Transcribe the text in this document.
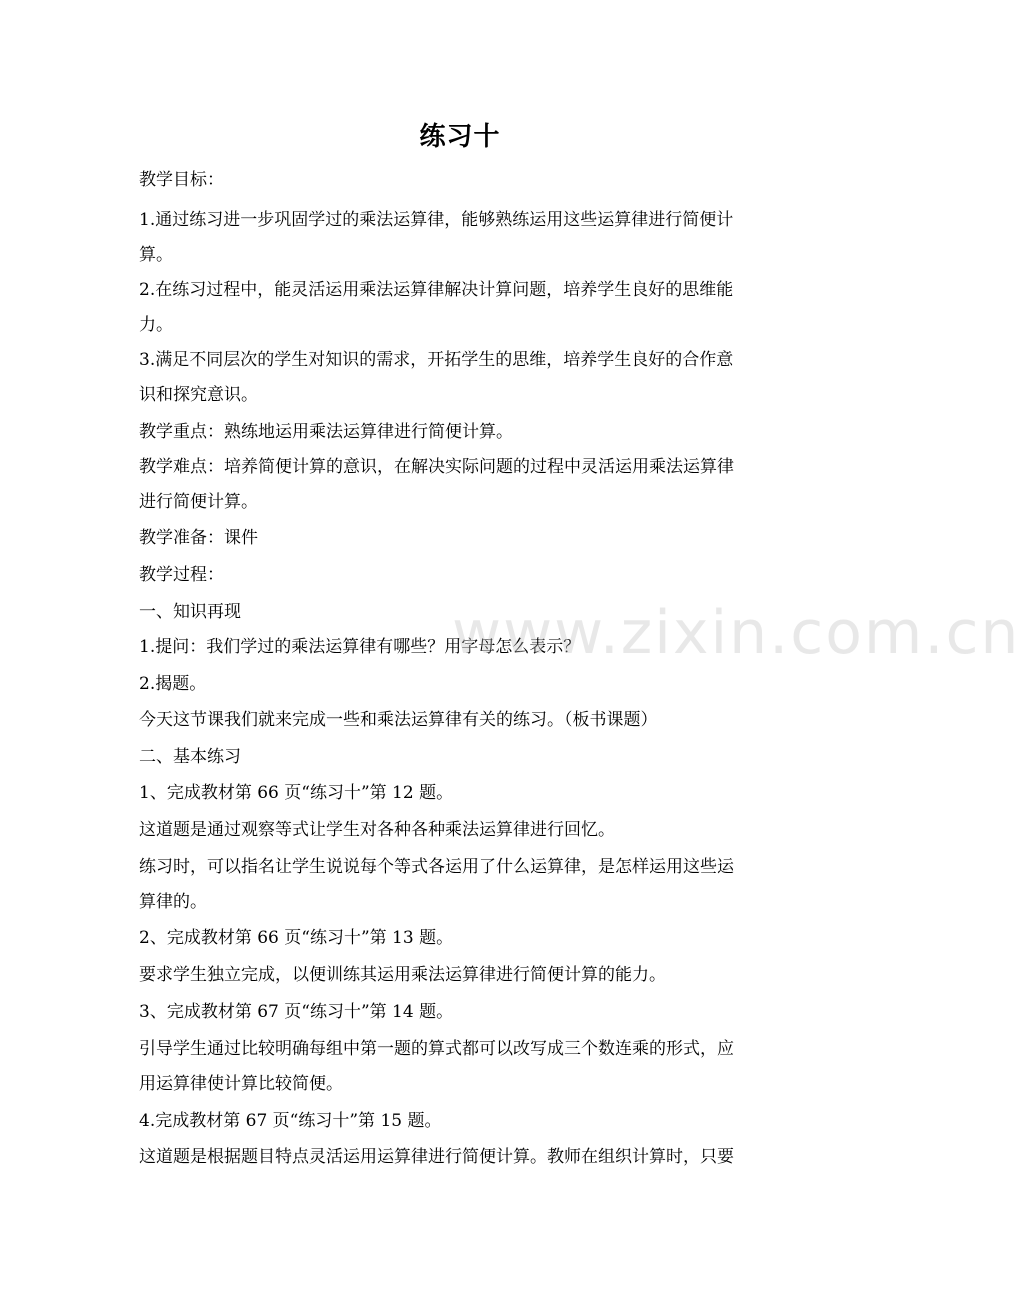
练习十
教学目标：
1.通过练习进一步巩固学过的乘法运算律，能够熟练运用这些运算律进行简便计
算。
2.在练习过程中，能灵活运用乘法运算律解决计算问题，培养学生良好的思维能
力。
3.满足不同层次的学生对知识的需求，开拓学生的思维，培养学生良好的合作意
识和探究意识。
教学重点：熟练地运用乘法运算律进行简便计算。
教学难点：培养简便计算的意识，在解决实际问题的过程中灵活运用乘法运算律
进行简便计算。
教学准备：课件
教学过程：
一、知识再现
1.提问：我们学过的乘法运算律有哪些？用字母怎么表示？
2.揭题。
今天这节课我们就来完成一些和乘法运算律有关的练习。（板书课题）
二、基本练习
1、完成教材第 66 页“练习十”第 12 题。
这道题是通过观察等式让学生对各种各种乘法运算律进行回忆。
练习时，可以指名让学生说说每个等式各运用了什么运算律，是怎样运用这些运
算律的。
2、完成教材第 66 页“练习十”第 13 题。
要求学生独立完成，以便训练其运用乘法运算律进行简便计算的能力。
3、完成教材第 67 页“练习十”第 14 题。
引导学生通过比较明确每组中第一题的算式都可以改写成三个数连乘的形式，应
用运算律使计算比较简便。
4.完成教材第 67 页“练习十”第 15 题。
这道题是根据题目特点灵活运用运算律进行简便计算。教师在组织计算时，只要
www.zixin.com.cn
